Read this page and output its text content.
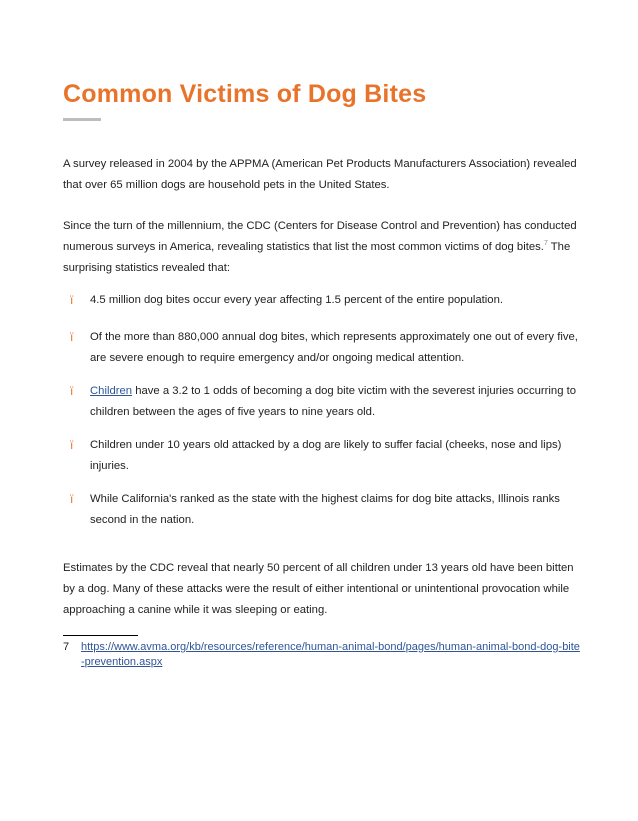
Common Victims of Dog Bites

A survey released in 2004 by the APPMA (American Pet Products Manufacturers Association) revealed that over 65 million dogs are household pets in the United States.

Since the turn of the millennium, the CDC (Centers for Disease Control and Prevention) has conducted numerous surveys in America, revealing statistics that list the most common victims of dog bites.$^7$ The surprising statistics revealed that:

ï 4.5 million dog bites occur every year affecting 1.5 percent of the entire population.
ï Of the more than 880,000 annual dog bites, which represents approximately one out of every five, are severe enough to require emergency and/or ongoing medical attention.
ï Children have a 3.2 to 1 odds of becoming a dog bite victim with the severest injuries occurring to children between the ages of five years to nine years old.
ï Children under 10 years old attacked by a dog are likely to suffer facial (cheeks, nose and lips) injuries.
ï While California's ranked as the state with the highest claims for dog bite attacks, Illinois ranks second in the nation.

Estimates by the CDC reveal that nearly 50 percent of all children under 13 years old have been bitten by a dog. Many of these attacks were the result of either intentional or unintentional provocation while approaching a canine while it was sleeping or eating.

7 https://www.avma.org/kb/resources/reference/human-animal-bond/pages/human-animal-bond-dog-bite-prevention.aspx
